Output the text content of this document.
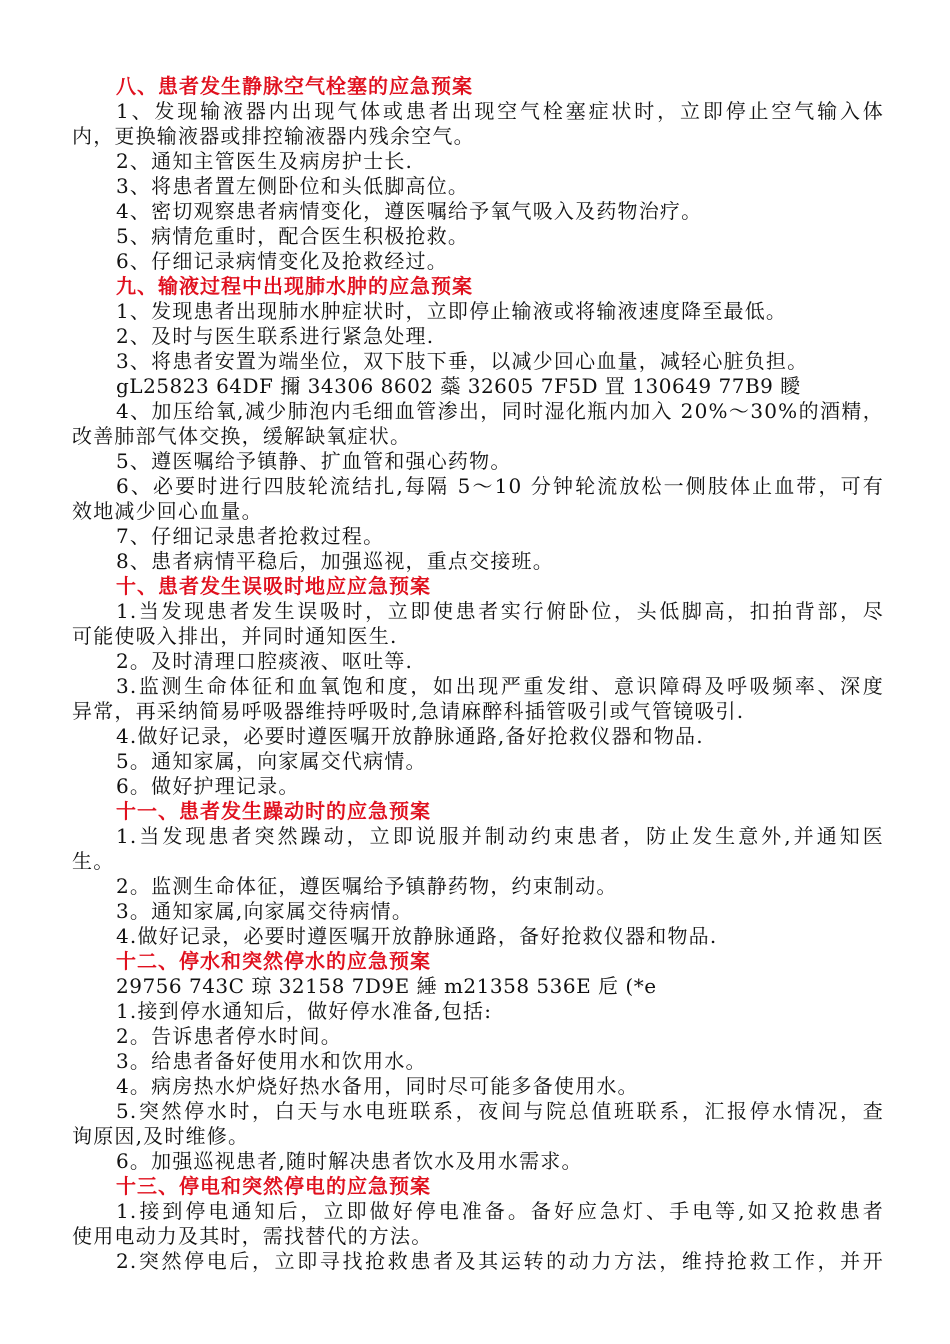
八、患者发生静脉空气栓塞的应急预案
1、发现输液器内出现气体或患者出现空气栓塞症状时，立即停止空气输入体
内，更换输液器或排控输液器内残余空气。
2、通知主管医生及病房护士长.
3、将患者置左侧卧位和头低脚高位。
4、密切观察患者病情变化，遵医嘱给予氧气吸入及药物治疗。
5、病情危重时，配合医生积极抢救。
6、仔细记录病情变化及抢救经过。
九、输液过程中出现肺水肿的应急预案
1、发现患者出现肺水肿症状时，立即停止输液或将输液速度降至最低。
2、及时与医生联系进行紧急处理.
3、将患者安置为端坐位，双下肢下垂，以减少回心血量，减轻心脏负担。
gL25823 64DF 擟 34306 8602 蘂 32605 7F5D 罝 130649 77B9 瞹
4、加压给氧,减少肺泡内毛细血管渗出，同时湿化瓶内加入 20%～30%的酒精，
改善肺部气体交换，缓解缺氧症状。
5、遵医嘱给予镇静、扩血管和强心药物。
6、必要时进行四肢轮流结扎,每隔 5～10 分钟轮流放松一侧肢体止血带，可有
效地减少回心血量。
7、仔细记录患者抢救过程。
8、患者病情平稳后，加强巡视，重点交接班。
十、患者发生误吸时地应应急预案
1.当发现患者发生误吸时，立即使患者实行俯卧位，头低脚高，扣拍背部，尽
可能使吸入排出，并同时通知医生.
2。及时清理口腔痰液、呕吐等.
3.监测生命体征和血氧饱和度，如出现严重发绀、意识障碍及呼吸频率、深度
异常，再采纳简易呼吸器维持呼吸时,急请麻醉科插管吸引或气管镜吸引.
4.做好记录，必要时遵医嘱开放静脉通路,备好抢救仪器和物品.
5。通知家属，向家属交代病情。
6。做好护理记录。
十一、患者发生躁动时的应急预案
1.当发现患者突然躁动，立即说服并制动约束患者，防止发生意外,并通知医
生。
2。监测生命体征，遵医嘱给予镇静药物，约束制动。
3。通知家属,向家属交待病情。
4.做好记录，必要时遵医嘱开放静脉通路，备好抢救仪器和物品.
十二、停水和突然停水的应急预案
29756 743C 琼 32158 7D9E 綞 m21358 536E 卮 (*e
1.接到停水通知后，做好停水准备,包括:
2。告诉患者停水时间。
3。给患者备好使用水和饮用水。
4。病房热水炉烧好热水备用，同时尽可能多备使用水。
5.突然停水时，白天与水电班联系，夜间与院总值班联系，汇报停水情况，查
询原因,及时维修。
6。加强巡视患者,随时解决患者饮水及用水需求。
十三、停电和突然停电的应急预案
1.接到停电通知后，立即做好停电准备。备好应急灯、手电等,如又抢救患者
使用电动力及其时，需找替代的方法。
2.突然停电后，立即寻找抢救患者及其运转的动力方法，维持抢救工作，并开
